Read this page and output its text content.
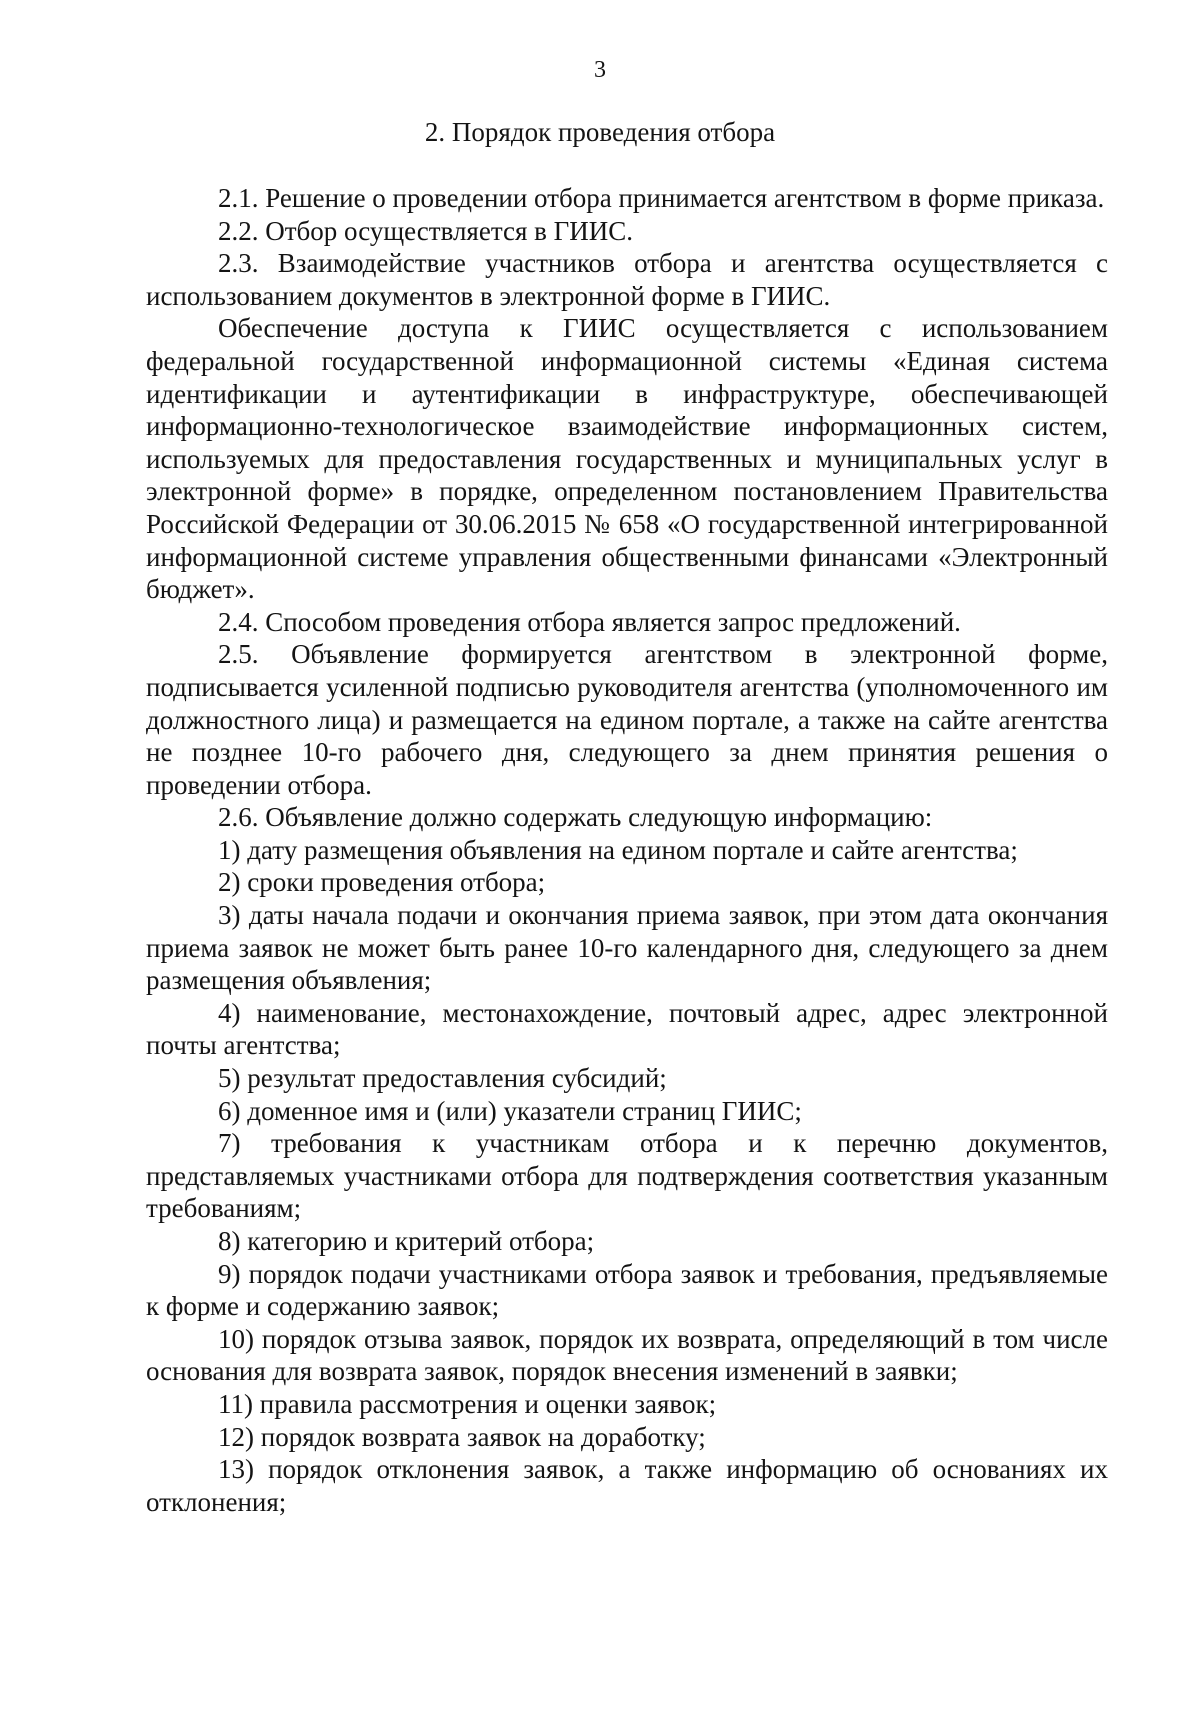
3
2. Порядок проведения отбора

2.1. Решение о проведении отбора принимается агентством в форме приказа.

2.2. Отбор осуществляется в ГИИС.

2.3. Взаимодействие участников отбора и агентства осуществляется с использованием документов в электронной форме в ГИИС.

Обеспечение доступа к ГИИС осуществляется с использованием федеральной государственной информационной системы «Единая система идентификации и аутентификации в инфраструктуре, обеспечивающей информационно-технологическое взаимодействие информационных систем, используемых для предоставления государственных и муниципальных услуг в электронной форме» в порядке, определенном постановлением Правительства Российской Федерации от 30.06.2015 № 658 «О государственной интегрированной информационной системе управления общественными финансами «Электронный бюджет».

2.4. Способом проведения отбора является запрос предложений.

2.5. Объявление формируется агентством в электронной форме, подписывается усиленной подписью руководителя агентства (уполномоченного им должностного лица) и размещается на едином портале, а также на сайте агентства не позднее 10-го рабочего дня, следующего за днем принятия решения о проведении отбора.

2.6. Объявление должно содержать следующую информацию:

1) дату размещения объявления на едином портале и сайте агентства;

2) сроки проведения отбора;

3) даты начала подачи и окончания приема заявок, при этом дата окончания приема заявок не может быть ранее 10-го календарного дня, следующего за днем размещения объявления;

4) наименование, местонахождение, почтовый адрес, адрес электронной почты агентства;

5) результат предоставления субсидий;

6) доменное имя и (или) указатели страниц ГИИС;

7) требования к участникам отбора и к перечню документов, представляемых участниками отбора для подтверждения соответствия указанным требованиям;

8) категорию и критерий отбора;

9) порядок подачи участниками отбора заявок и требования, предъявляемые к форме и содержанию заявок;

10) порядок отзыва заявок, порядок их возврата, определяющий в том числе основания для возврата заявок, порядок внесения изменений в заявки;

11) правила рассмотрения и оценки заявок;

12) порядок возврата заявок на доработку;

13) порядок отклонения заявок, а также информацию об основаниях их отклонения;
